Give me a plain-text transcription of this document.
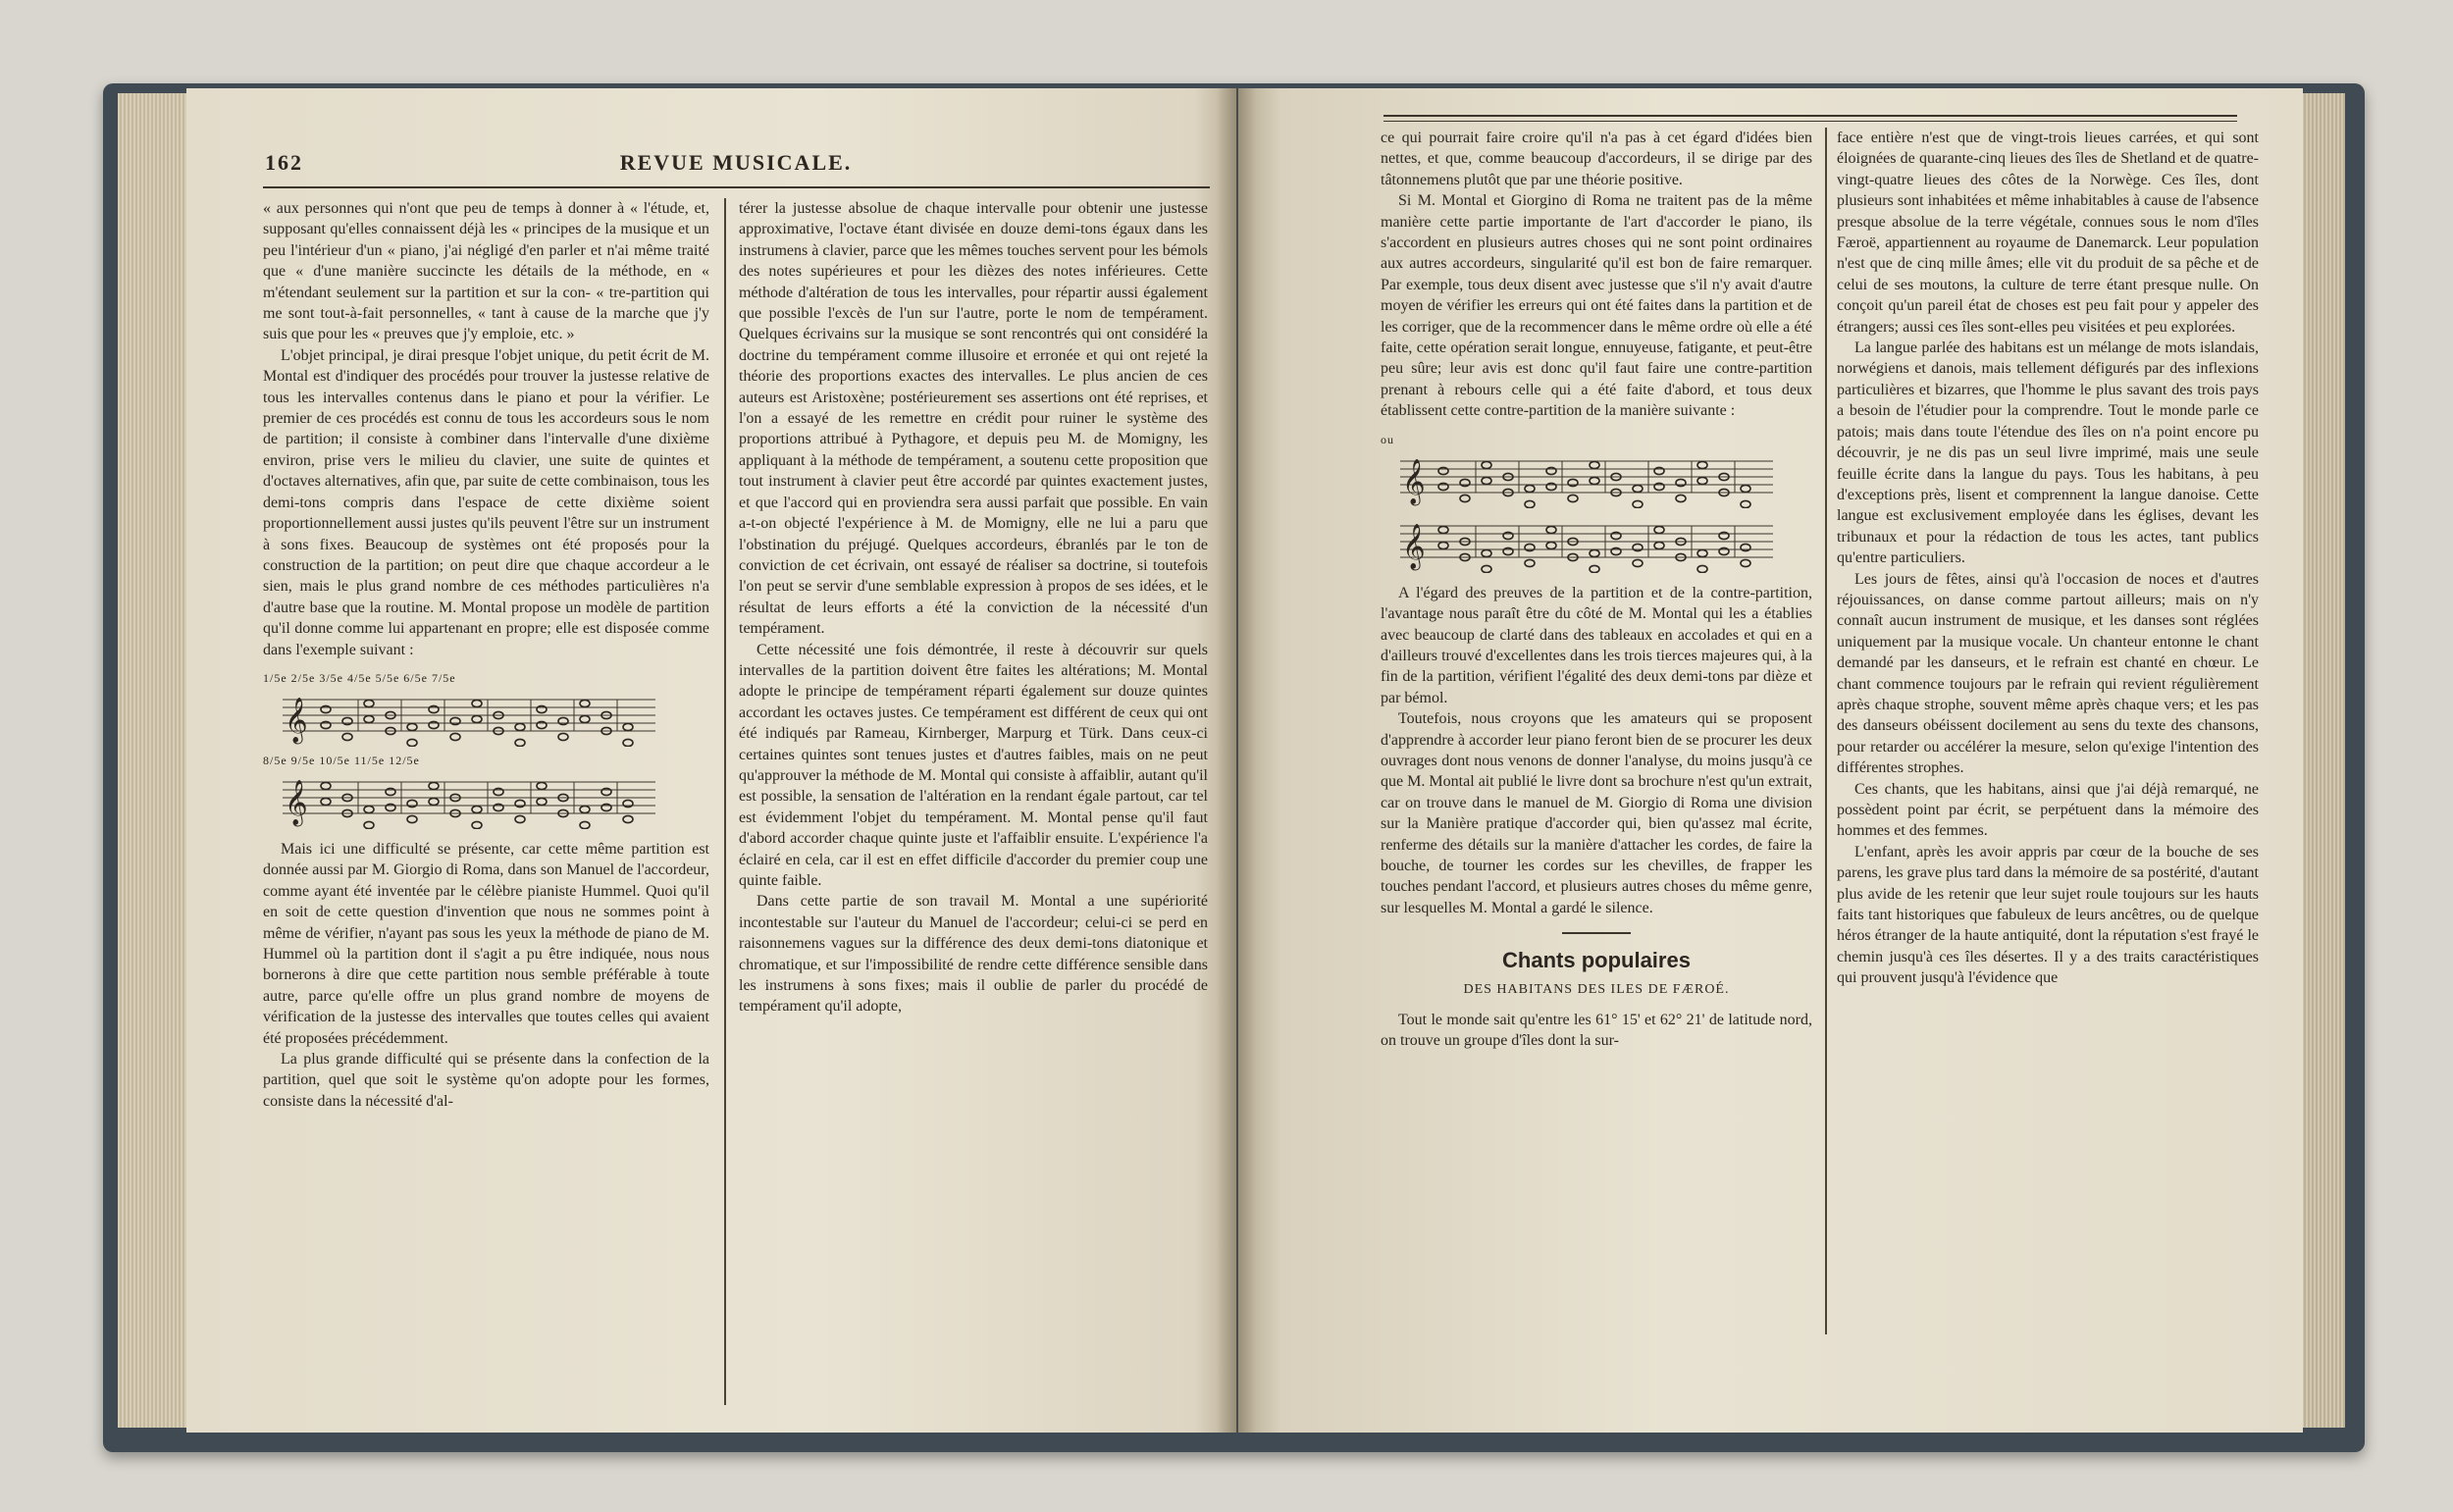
162	REVUE MUSICALE.

« aux personnes qui n'ont que peu de temps à donner à « l'étude, et, supposant qu'elles connaissent déjà les « principes de la musique et un peu l'intérieur d'un « piano, j'ai négligé d'en parler et n'ai même traité que « d'une manière succincte les détails de la méthode, en « m'étendant seulement sur la partition et sur la con- « tre-partition qui me sont tout-à-fait personnelles, « tant à cause de la marche que j'y suis que pour les « preuves que j'y emploie, etc. »

L'objet principal, je dirai presque l'objet unique, du petit écrit de M. Montal est d'indiquer des procédés pour trouver la justesse relative de tous les intervalles contenus dans le piano et pour la vérifier. Le premier de ces procédés est connu de tous les accordeurs sous le nom de partition; il consiste à combiner dans l'intervalle d'une dixième environ, prise vers le milieu du clavier, une suite de quintes et d'octaves alternatives, afin que, par suite de cette combinaison, tous les demi-tons compris dans l'espace de cette dixième soient proportionnellement aussi justes qu'ils peuvent l'être sur un instrument à sons fixes. Beaucoup de systèmes ont été proposés pour la construction de la partition; on peut dire que chaque accordeur a le sien, mais le plus grand nombre de ces méthodes particulières n'a d'autre base que la routine. M. Montal propose un modèle de partition qu'il donne comme lui appartenant en propre; elle est disposée comme dans l'exemple suivant :

1/5e 2/5e 3/5e 4/5e 5/5e 6/5e 7/5e
𝄞
8/5e 9/5e 10/5e 11/5e 12/5e
𝄞

Mais ici une difficulté se présente, car cette même partition est donnée aussi par M. Giorgio di Roma, dans son Manuel de l'accordeur, comme ayant été inventée par le célèbre pianiste Hummel. Quoi qu'il en soit de cette question d'invention que nous ne sommes point à même de vérifier, n'ayant pas sous les yeux la méthode de piano de M. Hummel où la partition dont il s'agit a pu être indiquée, nous nous bornerons à dire que cette partition nous semble préférable à toute autre, parce qu'elle offre un plus grand nombre de moyens de vérification de la justesse des intervalles que toutes celles qui avaient été proposées précédemment.

La plus grande difficulté qui se présente dans la confection de la partition, quel que soit le système qu'on adopte pour les formes, consiste dans la nécessité d'al-

térer la justesse absolue de chaque intervalle pour obtenir une justesse approximative, l'octave étant divisée en douze demi-tons égaux dans les instrumens à clavier, parce que les mêmes touches servent pour les bémols des notes supérieures et pour les dièzes des notes inférieures. Cette méthode d'altération de tous les intervalles, pour répartir aussi également que possible l'excès de l'un sur l'autre, porte le nom de tempérament. Quelques écrivains sur la musique se sont rencontrés qui ont considéré la doctrine du tempérament comme illusoire et erronée et qui ont rejeté la théorie des proportions exactes des intervalles. Le plus ancien de ces auteurs est Aristoxène; postérieurement ses assertions ont été reprises, et l'on a essayé de les remettre en crédit pour ruiner le système des proportions attribué à Pythagore, et depuis peu M. de Momigny, les appliquant à la méthode de tempérament, a soutenu cette proposition que tout instrument à clavier peut être accordé par quintes exactement justes, et que l'accord qui en proviendra sera aussi parfait que possible. En vain a-t-on objecté l'expérience à M. de Momigny, elle ne lui a paru que l'obstination du préjugé. Quelques accordeurs, ébranlés par le ton de conviction de cet écrivain, ont essayé de réaliser sa doctrine, si toutefois l'on peut se servir d'une semblable expression à propos de ses idées, et le résultat de leurs efforts a été la conviction de la nécessité d'un tempérament.

Cette nécessité une fois démontrée, il reste à découvrir sur quels intervalles de la partition doivent être faites les altérations; M. Montal adopte le principe de tempérament réparti également sur douze quintes accordant les octaves justes. Ce tempérament est différent de ceux qui ont été indiqués par Rameau, Kirnberger, Marpurg et Türk. Dans ceux-ci certaines quintes sont tenues justes et d'autres faibles, mais on ne peut qu'approuver la méthode de M. Montal qui consiste à affaiblir, autant qu'il est possible, la sensation de l'altération en la rendant égale partout, car tel est évidemment l'objet du tempérament. M. Montal pense qu'il faut d'abord accorder chaque quinte juste et l'affaiblir ensuite. L'expérience l'a éclairé en cela, car il est en effet difficile d'accorder du premier coup une quinte faible.

Dans cette partie de son travail M. Montal a une supériorité incontestable sur l'auteur du Manuel de l'accordeur; celui-ci se perd en raisonnemens vagues sur la différence des deux demi-tons diatonique et chromatique, et sur l'impossibilité de rendre cette différence sensible dans les instrumens à sons fixes; mais il oublie de parler du procédé de tempérament qu'il adopte,

ce qui pourrait faire croire qu'il n'a pas à cet égard d'idées bien nettes, et que, comme beaucoup d'accordeurs, il se dirige par des tâtonnemens plutôt que par une théorie positive.

Si M. Montal et Giorgino di Roma ne traitent pas de la même manière cette partie importante de l'art d'accorder le piano, ils s'accordent en plusieurs autres choses qui ne sont point ordinaires aux autres accordeurs, singularité qu'il est bon de faire remarquer. Par exemple, tous deux disent avec justesse que s'il n'y avait d'autre moyen de vérifier les erreurs qui ont été faites dans la partition et de les corriger, que de la recommencer dans le même ordre où elle a été faite, cette opération serait longue, ennuyeuse, fatigante, et peut-être peu sûre; leur avis est donc qu'il faut faire une contre-partition prenant à rebours celle qui a été faite d'abord, et tous deux établissent cette contre-partition de la manière suivante :

ou
𝄞
𝄞

A l'égard des preuves de la partition et de la contre-partition, l'avantage nous paraît être du côté de M. Montal qui les a établies avec beaucoup de clarté dans des tableaux en accolades et qui en a d'ailleurs trouvé d'excellentes dans les trois tierces majeures qui, à la fin de la partition, vérifient l'égalité des deux demi-tons par dièze et par bémol.

Toutefois, nous croyons que les amateurs qui se proposent d'apprendre à accorder leur piano feront bien de se procurer les deux ouvrages dont nous venons de donner l'analyse, du moins jusqu'à ce que M. Montal ait publié le livre dont sa brochure n'est qu'un extrait, car on trouve dans le manuel de M. Giorgio di Roma une division sur la Manière pratique d'accorder qui, bien qu'assez mal écrite, renferme des détails sur la manière d'attacher les cordes, de faire la bouche, de tourner les cordes sur les chevilles, de frapper les touches pendant l'accord, et plusieurs autres choses du même genre, sur lesquelles M. Montal a gardé le silence.

Chants populaires
DES HABITANS DES ILES DE FÆROÉ.

Tout le monde sait qu'entre les 61° 15' et 62° 21' de latitude nord, on trouve un groupe d'îles dont la sur-

face entière n'est que de vingt-trois lieues carrées, et qui sont éloignées de quarante-cinq lieues des îles de Shetland et de quatre-vingt-quatre lieues des côtes de la Norwège. Ces îles, dont plusieurs sont inhabitées et même inhabitables à cause de l'absence presque absolue de la terre végétale, connues sous le nom d'îles Færoë, appartiennent au royaume de Danemarck. Leur population n'est que de cinq mille âmes; elle vit du produit de sa pêche et de celui de ses moutons, la culture de terre étant presque nulle. On conçoit qu'un pareil état de choses est peu fait pour y appeler des étrangers; aussi ces îles sont-elles peu visitées et peu explorées.

La langue parlée des habitans est un mélange de mots islandais, norwégiens et danois, mais tellement défigurés par des inflexions particulières et bizarres, que l'homme le plus savant des trois pays a besoin de l'étudier pour la comprendre. Tout le monde parle ce patois; mais dans toute l'étendue des îles on n'a point encore pu découvrir, je ne dis pas un seul livre imprimé, mais une seule feuille écrite dans la langue du pays. Tous les habitans, à peu d'exceptions près, lisent et comprennent la langue danoise. Cette langue est exclusivement employée dans les églises, devant les tribunaux et pour la rédaction de tous les actes, tant publics qu'entre particuliers.

Les jours de fêtes, ainsi qu'à l'occasion de noces et d'autres réjouissances, on danse comme partout ailleurs; mais on n'y connaît aucun instrument de musique, et les danses sont réglées uniquement par la musique vocale. Un chanteur entonne le chant demandé par les danseurs, et le refrain est chanté en chœur. Le chant commence toujours par le refrain qui revient régulièrement après chaque strophe, souvent même après chaque vers; et les pas des danseurs obéissent docilement au sens du texte des chansons, pour retarder ou accélérer la mesure, selon qu'exige l'intention des différentes strophes.

Ces chants, que les habitans, ainsi que j'ai déjà remarqué, ne possèdent point par écrit, se perpétuent dans la mémoire des hommes et des femmes.

L'enfant, après les avoir appris par cœur de la bouche de ses parens, les grave plus tard dans la mémoire de sa postérité, d'autant plus avide de les retenir que leur sujet roule toujours sur les hauts faits tant historiques que fabuleux de leurs ancêtres, ou de quelque héros étranger de la haute antiquité, dont la réputation s'est frayé le chemin jusqu'à ces îles désertes. Il y a des traits caractéristiques qui prouvent jusqu'à l'évidence que
